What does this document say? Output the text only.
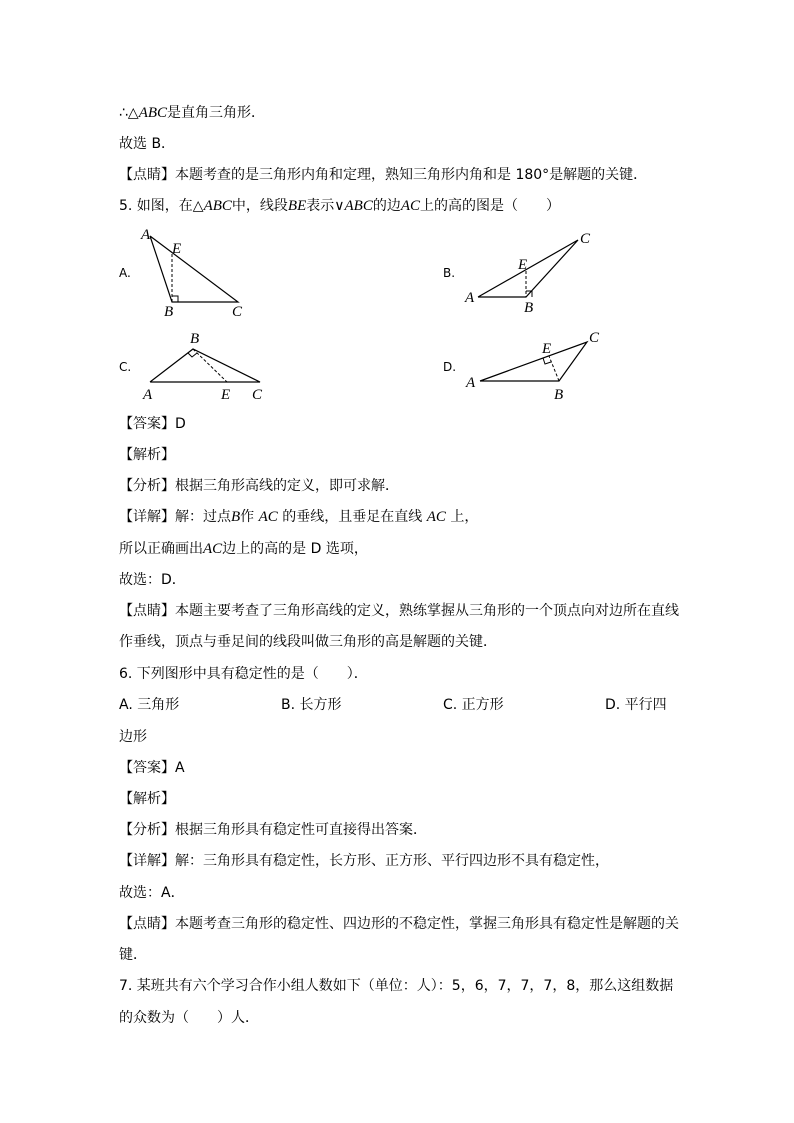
∴△ABC是直角三角形．
故选 B．
【点睛】本题考查的是三角形内角和定理，熟知三角形内角和是 180°是解题的关键．
5. 如图，在△ABC中，线段BE表示∨ABC的边AC上的高的图是（　　）
A.	B.
C.	D.
A
E
B	C
A
E
B
C
A
B
E C
A
E
B
C
【答案】D
【解析】
【分析】根据三角形高线的定义，即可求解．
【详解】解：过点B作 AC 的垂线，且垂足在直线 AC 上，
所以正确画出AC边上的高的是 D 选项，
故选：D．
【点睛】本题主要考查了三角形高线的定义，熟练掌握从三角形的一个顶点向对边所在直线
作垂线，顶点与垂足间的线段叫做三角形的高是解题的关键．
6. 下列图形中具有稳定性的是（　　）．
A. 三角形	B. 长方形	C. 正方形	D. 平行四
边形
【答案】A
【解析】
【分析】根据三角形具有稳定性可直接得出答案．
【详解】解：三角形具有稳定性，长方形、正方形、平行四边形不具有稳定性，
故选：A．
【点睛】本题考查三角形的稳定性、四边形的不稳定性，掌握三角形具有稳定性是解题的关
键．
7. 某班共有六个学习合作小组人数如下（单位：人）：5，6，7，7，7，8，那么这组数据
的众数为（　　）人．
